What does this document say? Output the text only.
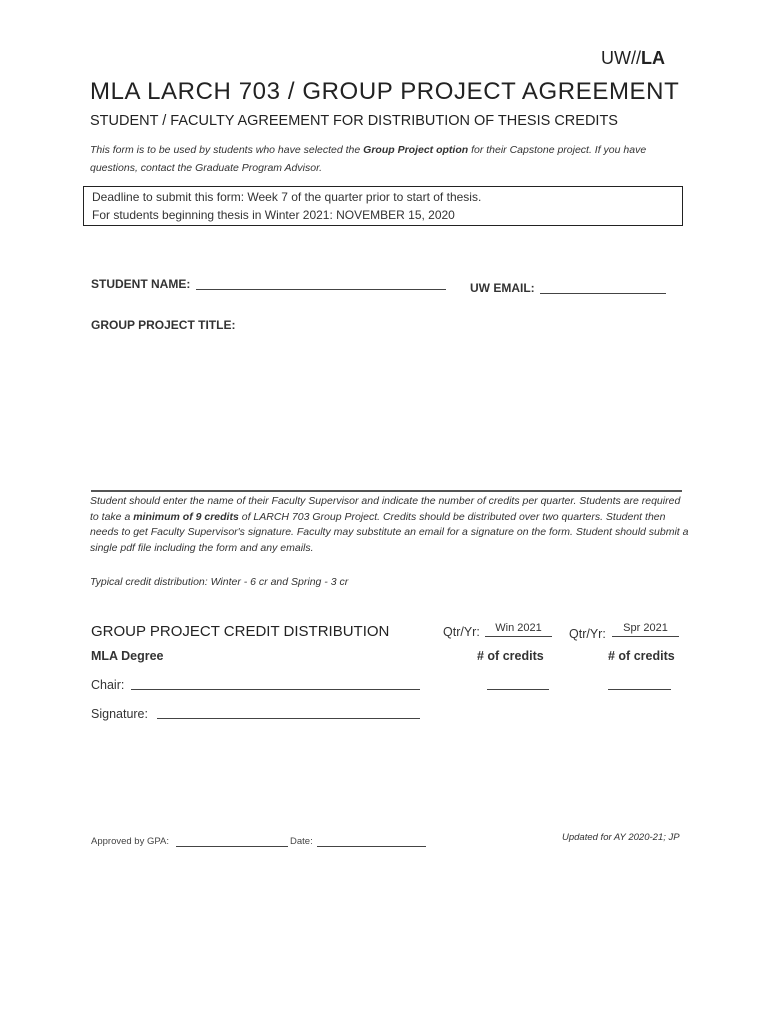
UW//LA
MLA LARCH 703 / GROUP PROJECT AGREEMENT
STUDENT / FACULTY AGREEMENT FOR DISTRIBUTION OF THESIS CREDITS
This form is to be used by students who have selected the Group Project option for their Capstone project. If you have questions, contact the Graduate Program Advisor.
Deadline to submit this form: Week 7 of the quarter prior to start of thesis.
For students beginning thesis in Winter 2021: NOVEMBER 15, 2020
STUDENT NAME:	UW EMAIL:
GROUP PROJECT TITLE:
Student should enter the name of their Faculty Supervisor and indicate the number of credits per quarter. Students are required to take a minimum of 9 credits of LARCH 703 Group Project. Credits should be distributed over two quarters. Student then needs to get Faculty Supervisor's signature. Faculty may substitute an email for a signature on the form. Student should submit a single pdf file including the form and any emails.
Typical credit distribution: Winter - 6 cr and Spring - 3 cr
GROUP PROJECT CREDIT DISTRIBUTION	Qtr/Yr:	Win 2021	Qtr/Yr:	Spr 2021
MLA Degree	# of credits	# of credits
Chair:
Signature:
Approved by GPA:	Date:	Updated for AY 2020-21; JP
